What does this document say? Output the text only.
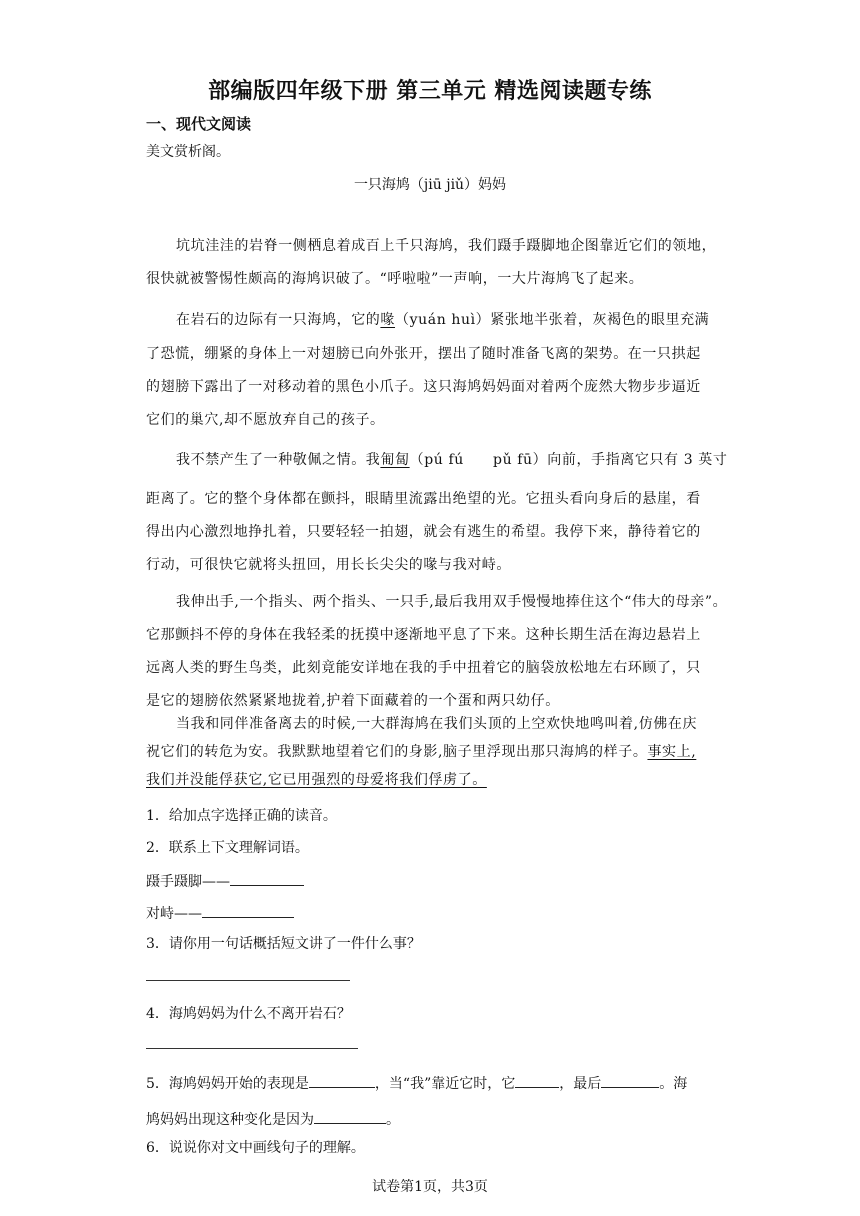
部编版四年级下册 第三单元 精选阅读题专练
一、现代文阅读
美文赏析阁。
一只海鸠（jiū jiǔ）妈妈
坑坑洼洼的岩脊一侧栖息着成百上千只海鸠，我们蹑手蹑脚地企图靠近它们的领地，
很快就被警惕性颇高的海鸠识破了。“呼啦啦”一声响，一大片海鸠飞了起来。
在岩石的边际有一只海鸠，它的喙（yuán huì）紧张地半张着，灰褐色的眼里充满
了恐慌，绷紧的身体上一对翅膀已向外张开，摆出了随时准备飞离的架势。在一只拱起
的翅膀下露出了一对移动着的黑色小爪子。这只海鸠妈妈面对着两个庞然大物步步逼近
它们的巢穴,却不愿放弃自己的孩子。
我不禁产生了一种敬佩之情。我匍匐（pú fú　　pǔ fū）向前，手指离它只有 3 英寸
距离了。它的整个身体都在颤抖，眼睛里流露出绝望的光。它扭头看向身后的悬崖，看
得出内心激烈地挣扎着，只要轻轻一拍翅，就会有逃生的希望。我停下来，静待着它的
行动，可很快它就将头扭回，用长长尖尖的喙与我对峙。
我伸出手,一个指头、两个指头、一只手,最后我用双手慢慢地捧住这个“伟大的母亲”。
它那颤抖不停的身体在我轻柔的抚摸中逐渐地平息了下来。这种长期生活在海边悬岩上
远离人类的野生鸟类，此刻竟能安详地在我的手中扭着它的脑袋放松地左右环顾了，只
是它的翅膀依然紧紧地拢着,护着下面藏着的一个蛋和两只幼仔。
当我和同伴准备离去的时候,一大群海鸠在我们头顶的上空欢快地鸣叫着,仿佛在庆
祝它们的转危为安。我默默地望着它们的身影,脑子里浮现出那只海鸠的样子。事实上,
我们并没能俘获它,它已用强烈的母爱将我们俘虏了。
1．给加点字选择正确的读音。
2．联系上下文理解词语。
蹑手蹑脚——
对峙——
3．请你用一句话概括短文讲了一件什么事？
4．海鸠妈妈为什么不离开岩石？
5．海鸠妈妈开始的表现是	，当“我”靠近它时，它	，最后	。海
试卷第1页，共3页
鸠妈妈出现这种变化是因为	。
6．说说你对文中画线句子的理解。
